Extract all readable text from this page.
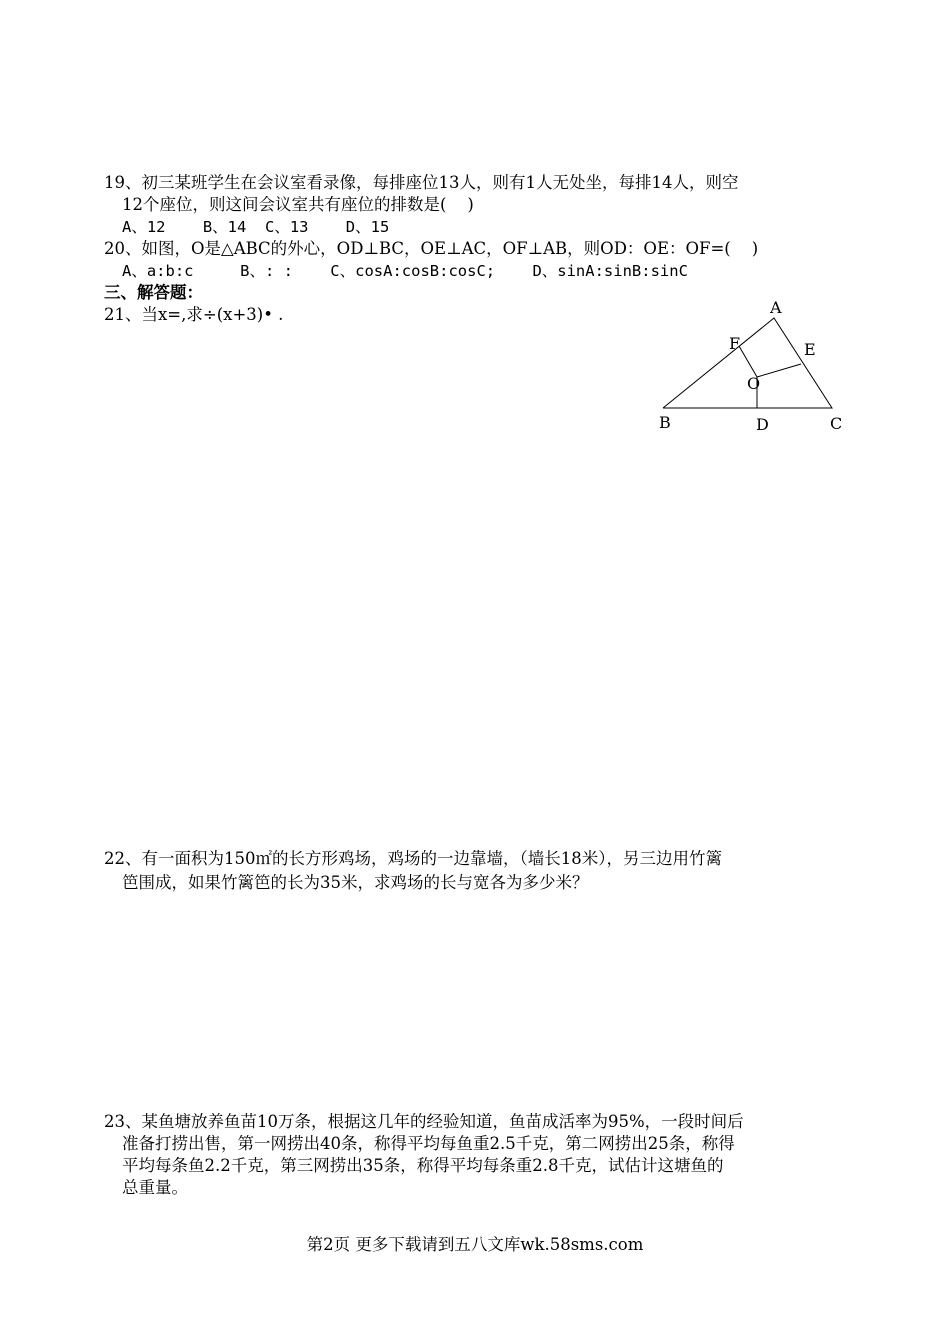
19、初三某班学生在会议室看录像，每排座位13人，则有1人无处坐，每排14人，则空
12个座位，则这间会议室共有座位的排数是(    )
A、12    B、14  C、13    D、15
20、如图，O是△ABC的外心，OD⊥BC，OE⊥AC，OF⊥AB，则OD：OE：OF=(    )
A、a:b:c     B、: :    C、cosA:cosB:cosC;    D、sinA:sinB:sinC
三、解答题：
21、当x=,求÷(x+3)• .	A
B	C
D
E
F
O
22、有一面积为150㎡的长方形鸡场，鸡场的一边靠墙，（墙长18米），另三边用竹篱
笆围成，如果竹篱笆的长为35米，求鸡场的长与宽各为多少米？
23、某鱼塘放养鱼苗10万条，根据这几年的经验知道，鱼苗成活率为95%，一段时间后
准备打捞出售，第一网捞出40条，称得平均每鱼重2.5千克，第二网捞出25条，称得
平均每条鱼2.2千克，第三网捞出35条，称得平均每条重2.8千克，试估计这塘鱼的
总重量。
第2页 更多下载请到五八文库wk.58sms.com
